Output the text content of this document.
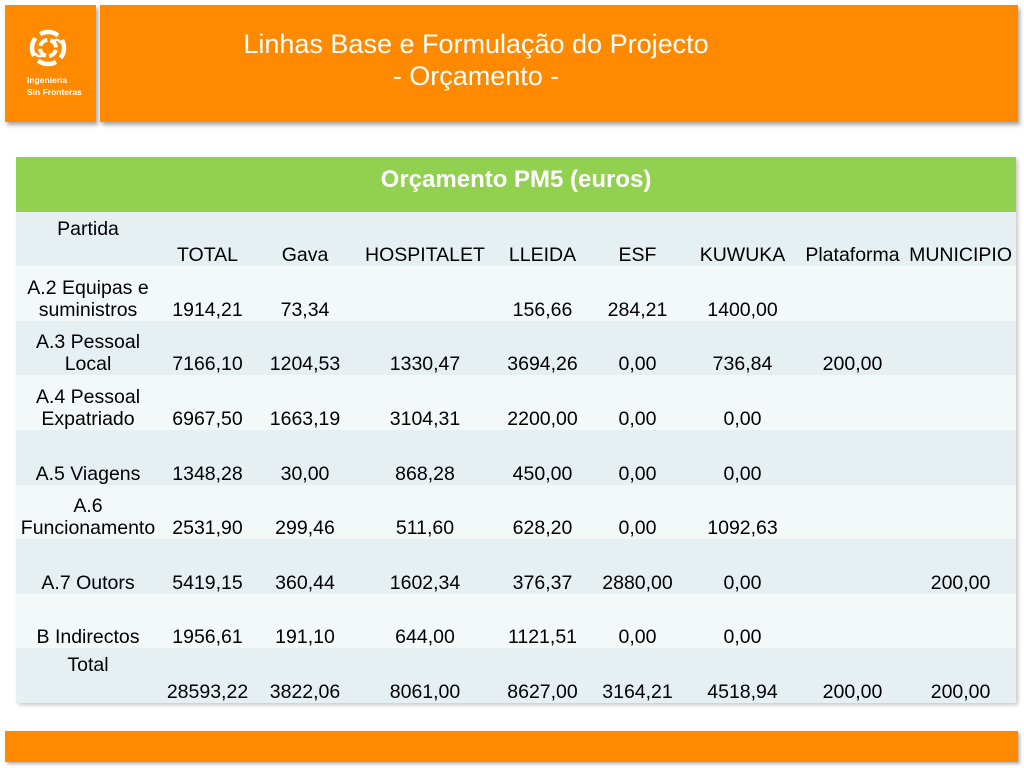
Ingenieria
Sin Fronteras
Linhas Base e Formulação do Projecto
- Orçamento -
Orçamento PM5 (euros)								
Partida	TOTAL	Gava	HOSPITALET	LLEIDA	ESF	KUWUKA	Plataforma	MUNICIPIO
A.2 Equipas e suministros	1914,21	73,34		156,66	284,21	1400,00		
A.3 Pessoal Local	7166,10	1204,53	1330,47	3694,26	0,00	736,84	200,00	
A.4 Pessoal Expatriado	6967,50	1663,19	3104,31	2200,00	0,00	0,00		
A.5 Viagens	1348,28	30,00	868,28	450,00	0,00	0,00		
A.6 Funcionamento	2531,90	299,46	511,60	628,20	0,00	1092,63		
A.7 Outors	5419,15	360,44	1602,34	376,37	2880,00	0,00		200,00
B Indirectos	1956,61	191,10	644,00	1121,51	0,00	0,00		
Total	28593,22	3822,06	8061,00	8627,00	3164,21	4518,94	200,00	200,00
